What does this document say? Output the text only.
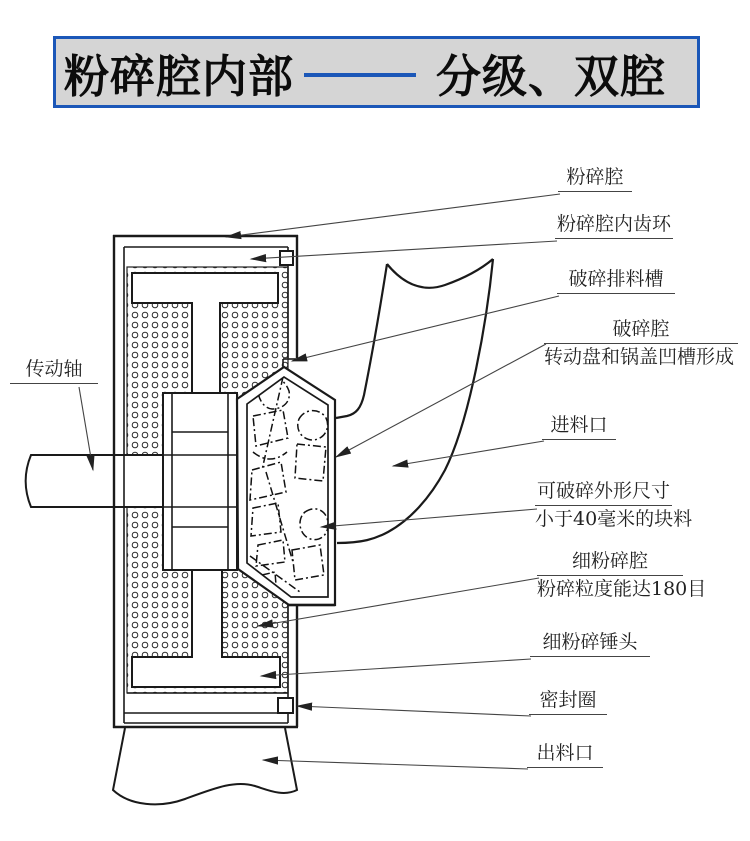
粉碎腔内部	分级、双腔
传动轴
粉碎腔
粉碎腔内齿环
破碎排料槽
破碎腔
转动盘和锅盖凹槽形成
进料口
可破碎外形尺寸
小于40毫米的块料
细粉碎腔
粉碎粒度能达180目
细粉碎锤头
密封圈
出料口
